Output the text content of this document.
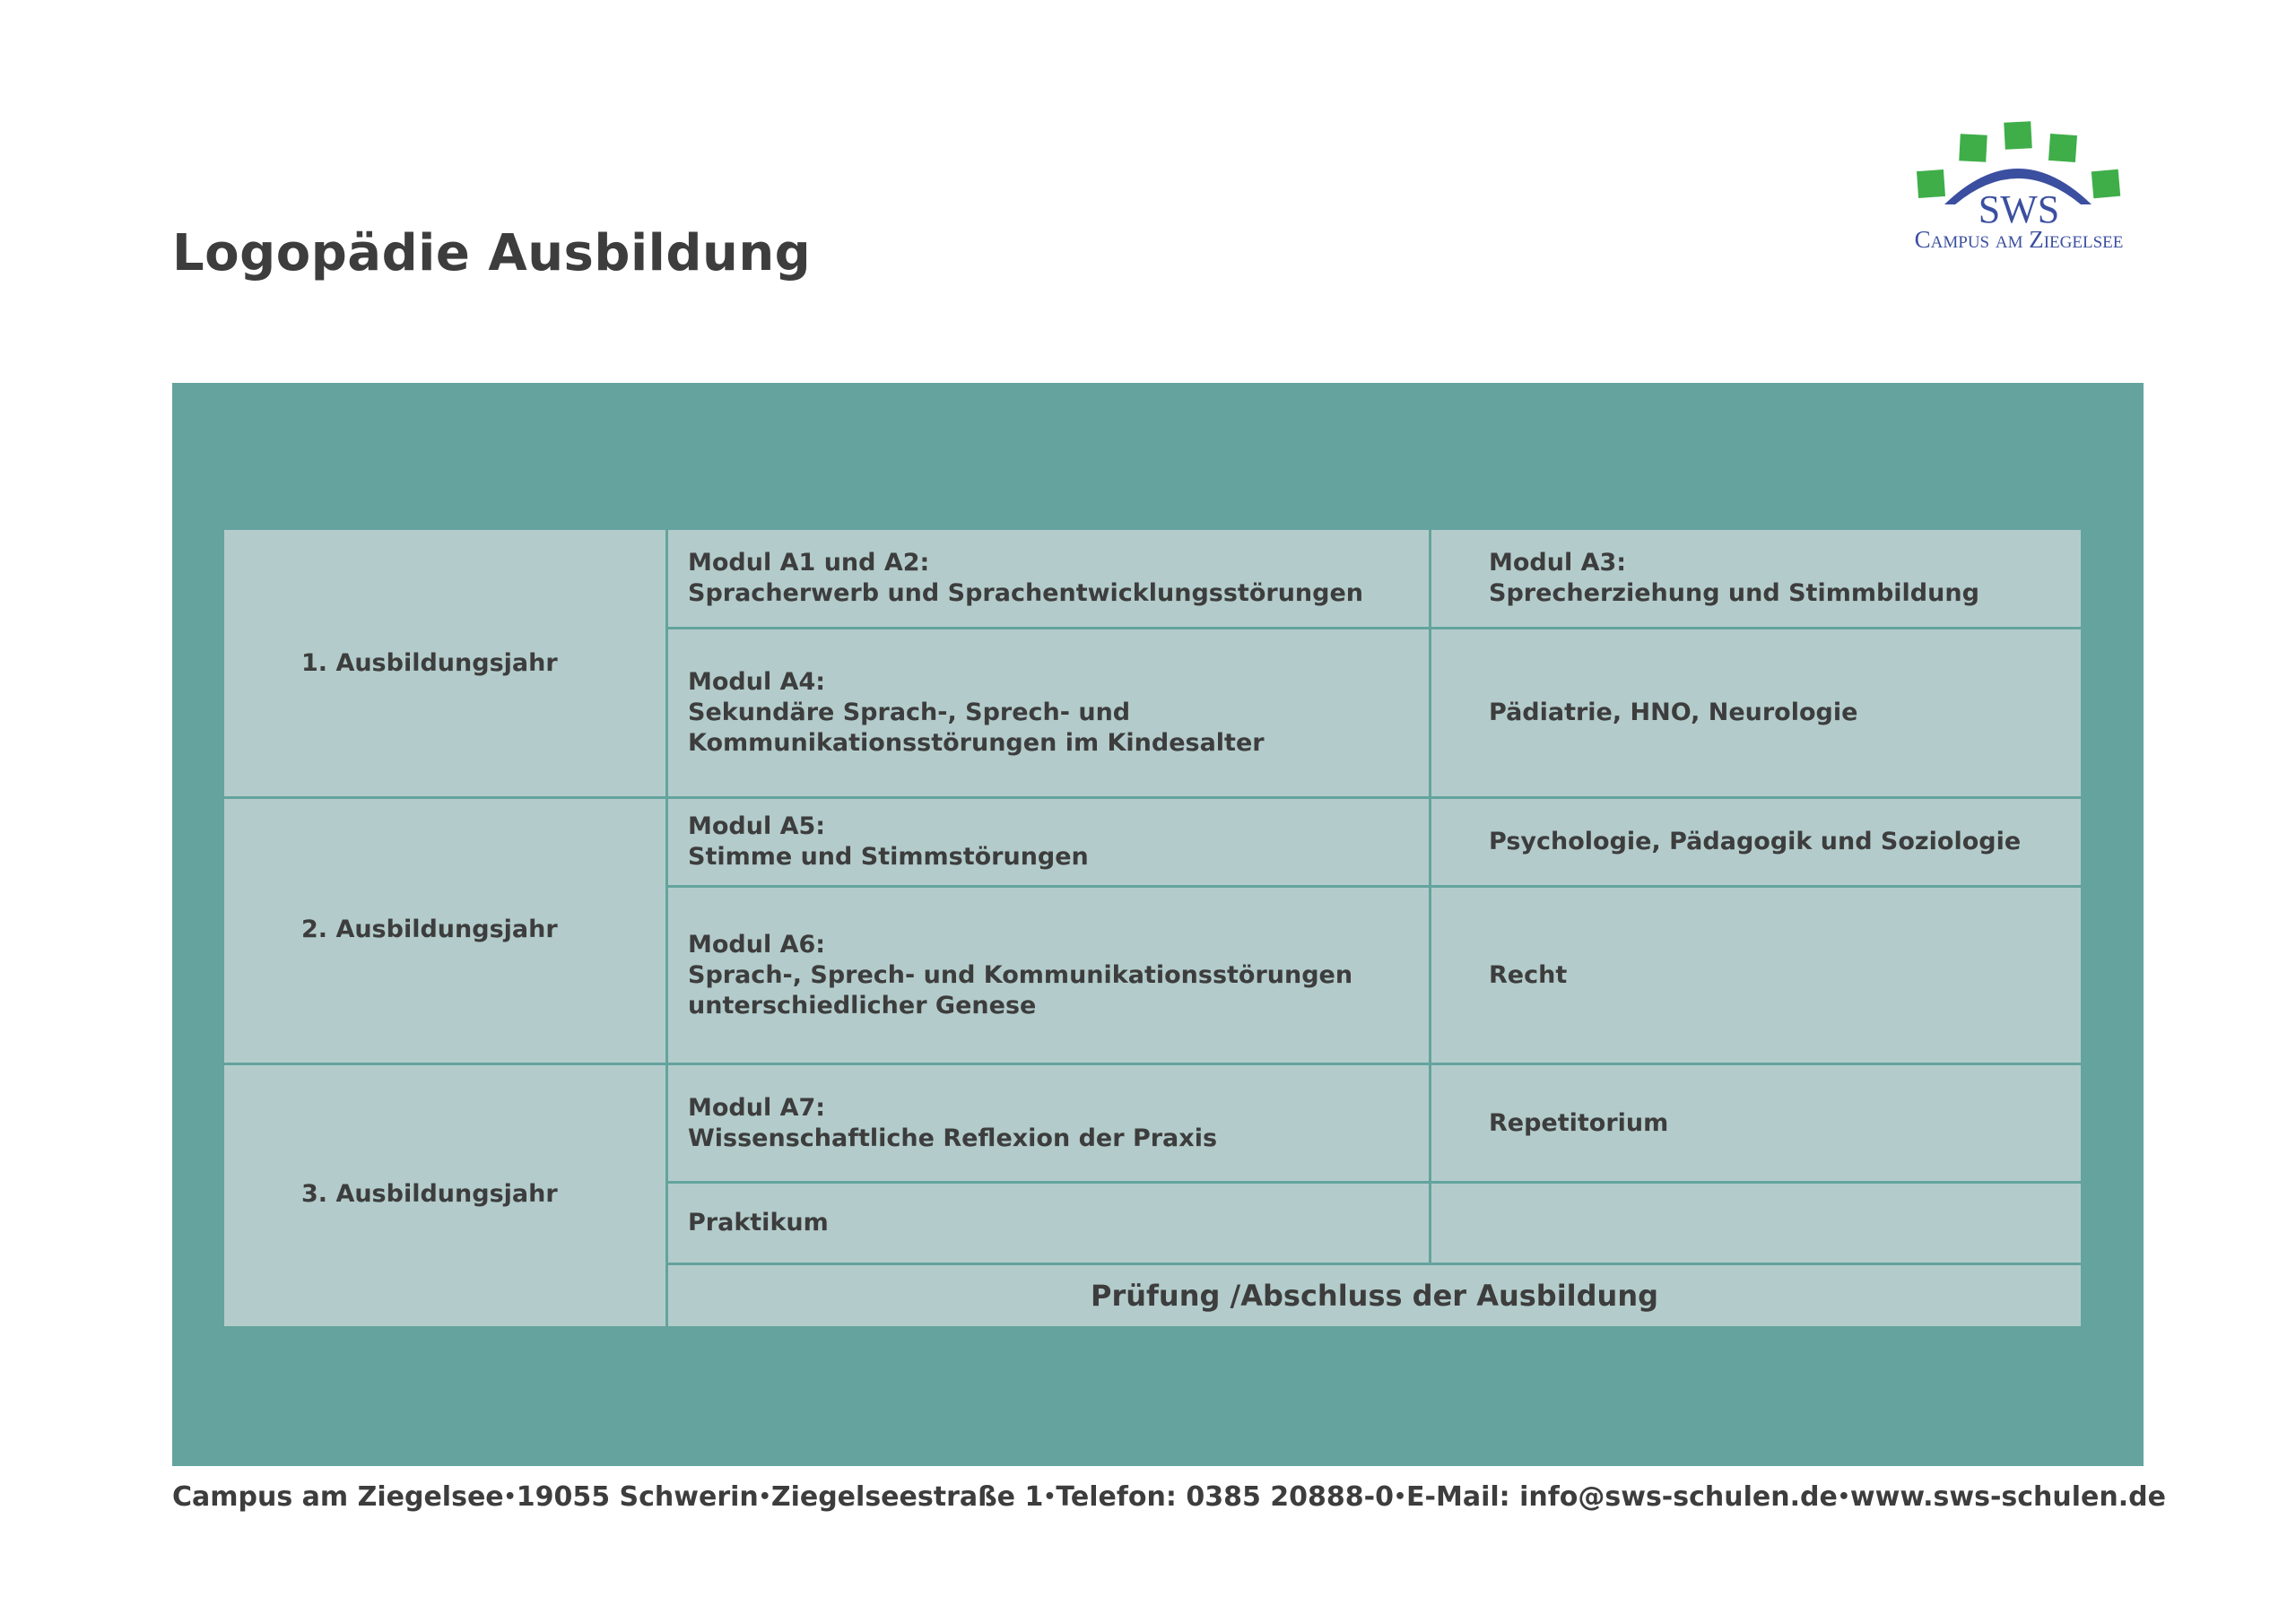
Logopädie Ausbildung
SWS
Campus am Ziegelsee
1. Ausbildungsjahr
2. Ausbildungsjahr
3. Ausbildungsjahr
Modul A1 und A2:
Spracherwerb und Sprachentwicklungsstörungen
Modul A4:
Sekundäre Sprach-, Sprech- und
Kommunikationsstörungen im Kindesalter
Modul A5:
Stimme und Stimmstörungen
Modul A6:
Sprach-, Sprech- und Kommunikationsstörungen
unterschiedlicher Genese
Modul A7:
Wissenschaftliche Reflexion der Praxis
Praktikum
Modul A3:
Sprecherziehung und Stimmbildung
Pädiatrie, HNO, Neurologie
Psychologie, Pädagogik und Soziologie
Recht
Repetitorium
Prüfung /Abschluss der Ausbildung
Campus am Ziegelsee • 19055 Schwerin • Ziegelseestraße 1 • Telefon: 0385 20888-0 • E-Mail: info@sws-schulen.de • www.sws-schulen.de
